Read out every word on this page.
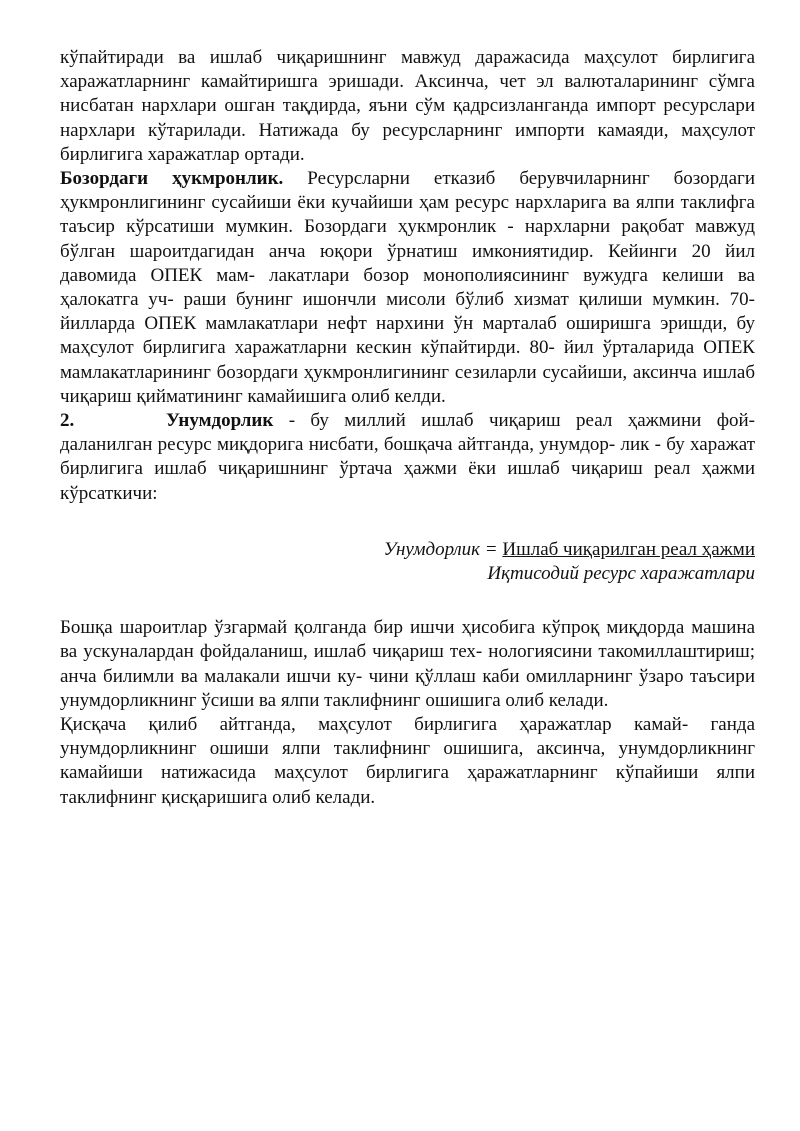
кўпайтиради ва ишлаб чиқаришнинг мавжуд даражасида маҳсулот бирлигига харажатларнинг камайтиришга эришади. Аксинча, чет эл валюталарининг сўмга нисбатан нархлари ошган тақдирда, яъни сўм қадрсизланганда импорт ресурслари нархлари кўтарилади. Натижада бу ресурсларнинг импорти камаяди, маҳсулот бирлигига харажатлар ортади.

Бозордаги ҳукмронлик. Ресурсларни етказиб берувчиларнинг бозордаги ҳукмронлигининг сусайиши ёки кучайиши ҳам ресурс нархларига ва ялпи таклифга таъсир кўрсатиши мумкин. Бозордаги ҳукмронлик - нархларни рақобат мавжуд бўлган шароитдагидан анча юқори ўрнатиш имкониятидир. Кейинги 20 йил давомида ОПЕК мам- лакатлари бозор монополиясининг вужудга келиши ва ҳалокатга уч- раши бунинг ишончли мисоли бўлиб хизмат қилиши мумкин. 70- йилларда ОПЕК мамлакатлари нефт нархини ўн марталаб оширишга эришди, бу маҳсулот бирлигига харажатларни кескин кўпайтирди. 80- йил ўрталарида ОПЕК мамлакатларининг бозордаги ҳукмронлигининг сезиларли сусайиши, аксинча ишлаб чиқариш қийматининг камайишига олиб келди.

2.	Унумдорлик - бу миллий ишлаб чиқариш реал ҳажмини фой- даланилган ресурс миқдорига нисбати, бошқача айтганда, унумдор- лик - бу харажат бирлигига ишлаб чиқаришнинг ўртача ҳажми ёки ишлаб чиқариш реал ҳажми кўрсаткичи:

Унумдорлик = Ишлаб чиқарилган реал ҳажми
Иқтисодий ресурс харажатлари

Бошқа шароитлар ўзгармай қолганда бир ишчи ҳисобига кўпроқ миқдорда машина ва ускуналардан фойдаланиш, ишлаб чиқариш тех- нологиясини такомиллаштириш; анча билимли ва малакали ишчи ку- чини қўллаш каби омилларнинг ўзаро таъсири унумдорликнинг ўсиши ва ялпи таклифнинг ошишига олиб келади.

Қисқача қилиб айтганда, маҳсулот бирлигига ҳаражатлар камай- ганда унумдорликнинг ошиши ялпи таклифнинг ошишига, аксинча, унумдорликнинг камайиши натижасида маҳсулот бирлигига ҳаражатларнинг кўпайиши ялпи таклифнинг қисқаришига олиб келади.
